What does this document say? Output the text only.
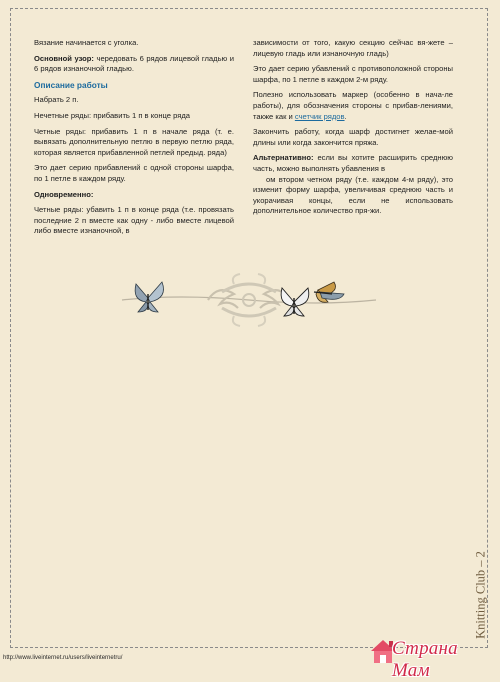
Вязание начинается с уголка.

Основной узор: чередовать 6 рядов лицевой гладью и 6 рядов изнаночной гладью.

Описание работы

Набрать 2 п.

Нечетные ряды: прибавить 1 п в конце ряда

Четные ряды: прибавить 1 п в начале ряда (т. е. вывязать дополнительную петлю в первую петлю ряда, которая является прибавленной петлей предыд. ряда)

Это дает серию прибавлений с одной стороны шарфа, по 1 петле в каждом ряду.

Одновременно:

Четные ряды: убавить 1 п в конце ряда (т.е. провязать последние 2 п вместе как одну - либо вместе лицевой либо вместе изнаночной, в

зависимости от того, какую секцию сейчас вя-жете – лицевую гладь или изнаночную гладь)

Это дает серию убавлений с противоположной стороны шарфа, по 1 петле в каждом 2-м ряду.

Полезно использовать маркер (особенно в нача-ле работы), для обозначения стороны с прибав-лениями, также как и счетчик рядов.

Закончить работу, когда шарф достигнет желае-мой длины или когда закончится пряжа.

Альтернативно: если вы хотите расширить среднюю часть, можно выполнять убавления в
ом втором четном ряду (т.е. каждом 4-м ряду), это изменит форму шарфа, увеличивая среднюю часть и укорачивая концы, если не использовать дополнительное количество пря-жи.

Knitting Club – 2
http://www.liveinternet.ru/users/liveinternetru/	Страна Мам
